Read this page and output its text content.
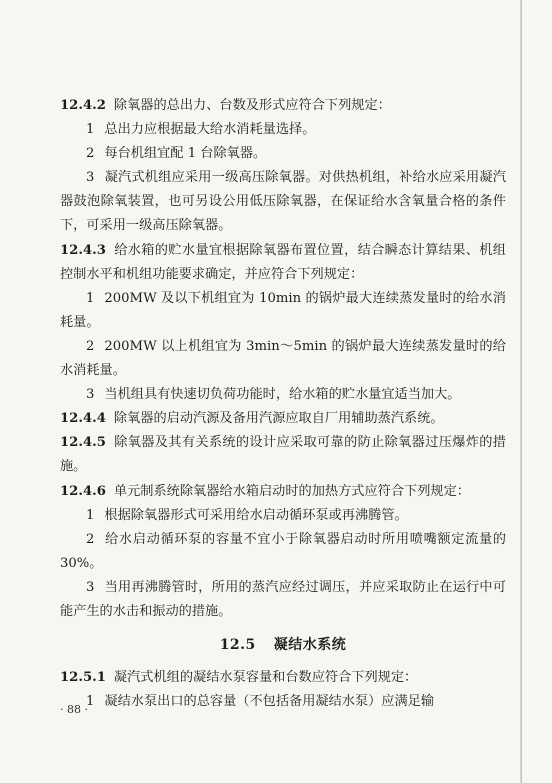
12.4.2 除氧器的总出力、台数及形式应符合下列规定：

1 总出力应根据最大给水消耗量选择。

2 每台机组宜配 1 台除氧器。

3 凝汽式机组应采用一级高压除氧器。对供热机组，补给水应采用凝汽器鼓泡除氧装置，也可另设公用低压除氧器，在保证给水含氧量合格的条件下，可采用一级高压除氧器。

12.4.3 给水箱的贮水量宜根据除氧器布置位置，结合瞬态计算结果、机组控制水平和机组功能要求确定，并应符合下列规定：

1 200MW 及以下机组宜为 10min 的锅炉最大连续蒸发量时的给水消耗量。

2 200MW 以上机组宜为 3min～5min 的锅炉最大连续蒸发量时的给水消耗量。

3 当机组具有快速切负荷功能时，给水箱的贮水量宜适当加大。

12.4.4 除氧器的启动汽源及备用汽源应取自厂用辅助蒸汽系统。

12.4.5 除氧器及其有关系统的设计应采取可靠的防止除氧器过压爆炸的措施。

12.4.6 单元制系统除氧器给水箱启动时的加热方式应符合下列规定：

1 根据除氧器形式可采用给水启动循环泵或再沸腾管。

2 给水启动循环泵的容量不宜小于除氧器启动时所用喷嘴额定流量的 30%。

3 当用再沸腾管时，所用的蒸汽应经过调压，并应采取防止在运行中可能产生的水击和振动的措施。

12.5 凝结水系统

12.5.1 凝汽式机组的凝结水泵容量和台数应符合下列规定：

1 凝结水泵出口的总容量（不包括备用凝结水泵）应满足输

· 88 ·
